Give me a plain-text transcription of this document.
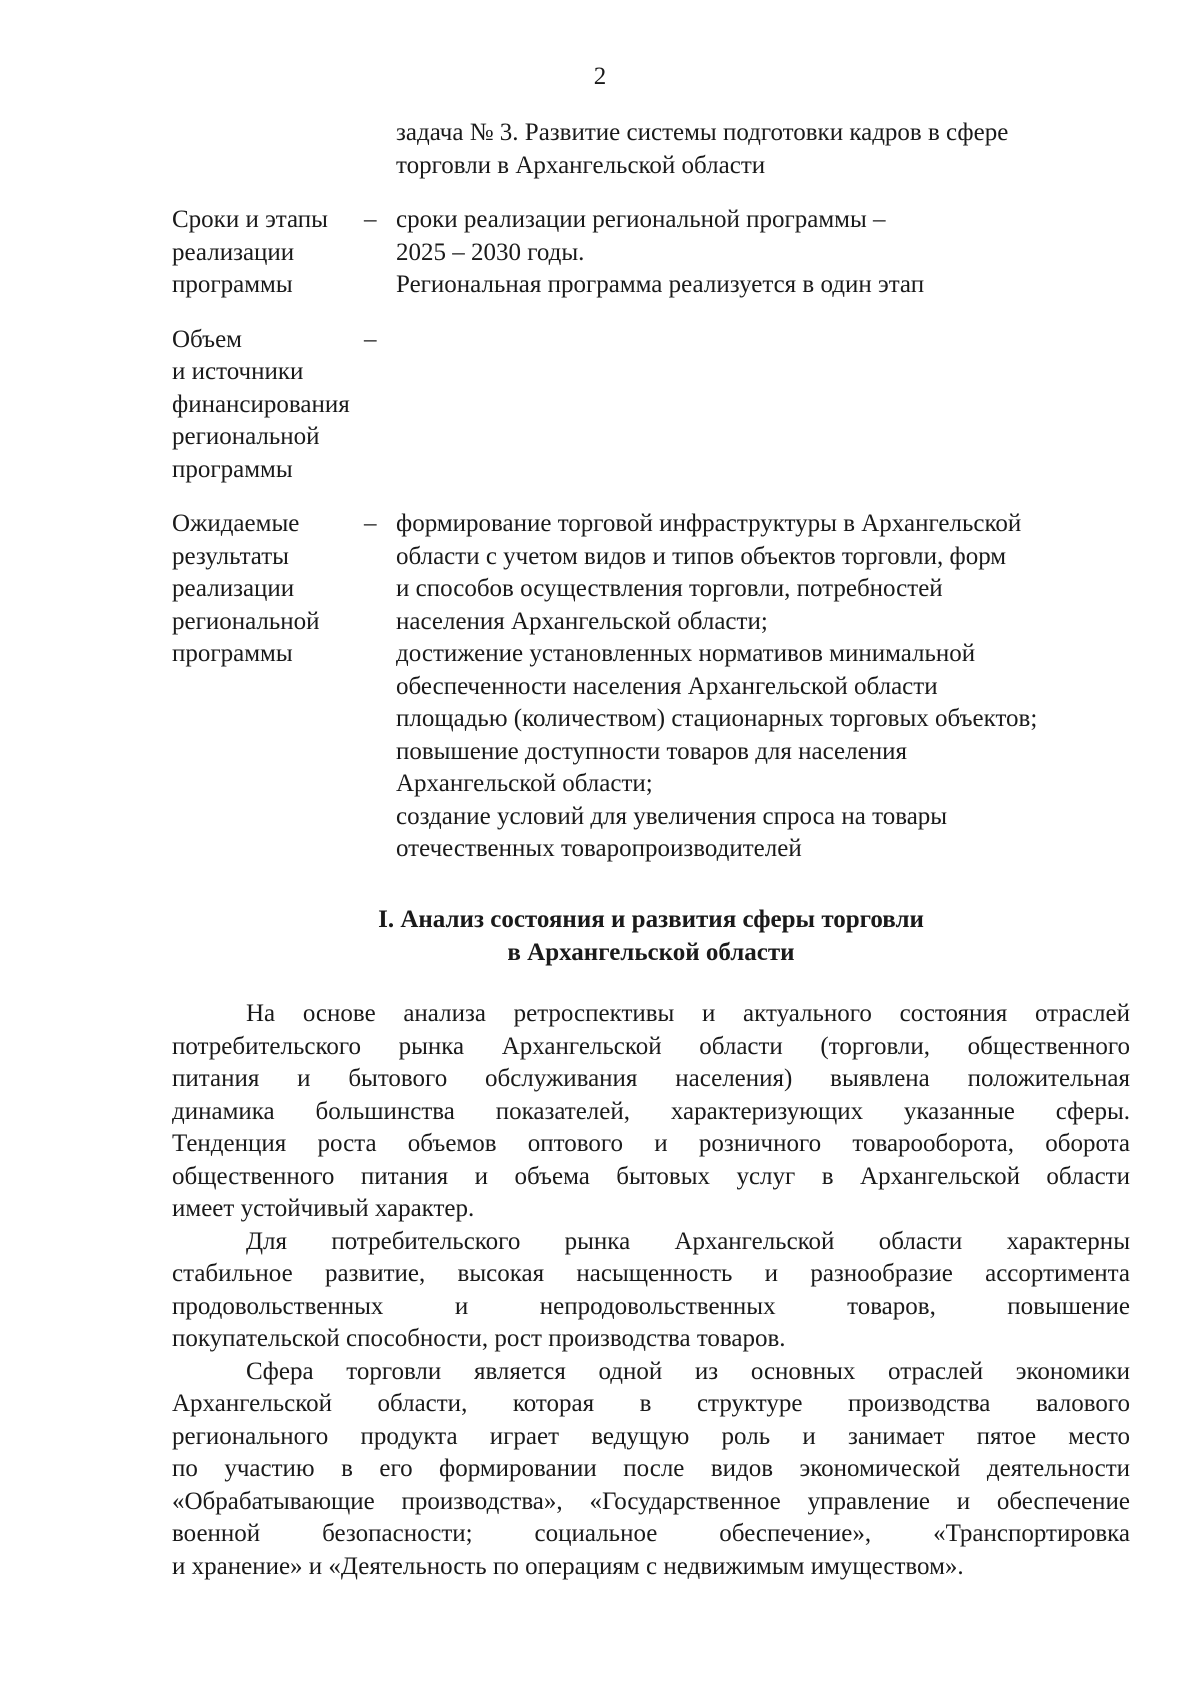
2
задача № 3. Развитие системы подготовки кадров в сфере
торговли в Архангельской области
Сроки и этапы
реализации
программы
– сроки реализации региональной программы –
2025 – 2030 годы.
Региональная программа реализуется в один этап
Объем
и источники
финансирования
региональной
программы
–
Ожидаемые
результаты
реализации
региональной
программы
– формирование торговой инфраструктуры в Архангельской
области с учетом видов и типов объектов торговли, форм
и способов осуществления торговли, потребностей
населения Архангельской области;
достижение установленных нормативов минимальной
обеспеченности населения Архангельской области
площадью (количеством) стационарных торговых объектов;
повышение доступности товаров для населения
Архангельской области;
создание условий для увеличения спроса на товары
отечественных товаропроизводителей
I. Анализ состояния и развития сферы торговли
в Архангельской области
На основе анализа ретроспективы и актуального состояния отраслей
потребительского рынка Архангельской области (торговли, общественного
питания и бытового обслуживания населения) выявлена положительная
динамика большинства показателей, характеризующих указанные сферы.
Тенденция роста объемов оптового и розничного товарооборота, оборота
общественного питания и объема бытовых услуг в Архангельской области
имеет устойчивый характер.
Для потребительского рынка Архангельской области характерны
стабильное развитие, высокая насыщенность и разнообразие ассортимента
продовольственных и непродовольственных товаров, повышение
покупательской способности, рост производства товаров.
Сфера торговли является одной из основных отраслей экономики
Архангельской области, которая в структуре производства валового
регионального продукта играет ведущую роль и занимает пятое место
по участию в его формировании после видов экономической деятельности
«Обрабатывающие производства», «Государственное управление и обеспечение
военной безопасности; социальное обеспечение», «Транспортировка
и хранение» и «Деятельность по операциям с недвижимым имуществом».
